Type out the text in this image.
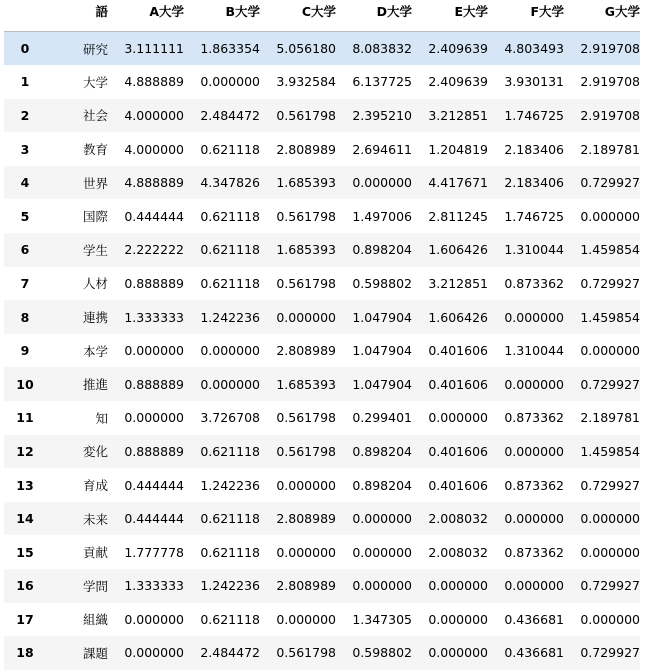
	語	A大学	B大学	C大学	D大学	E大学	F大学	G大学
0	研究	3.111111	1.863354	5.056180	8.083832	2.409639	4.803493	2.919708
1	大学	4.888889	0.000000	3.932584	6.137725	2.409639	3.930131	2.919708
2	社会	4.000000	2.484472	0.561798	2.395210	3.212851	1.746725	2.919708
3	教育	4.000000	0.621118	2.808989	2.694611	1.204819	2.183406	2.189781
4	世界	4.888889	4.347826	1.685393	0.000000	4.417671	2.183406	0.729927
5	国際	0.444444	0.621118	0.561798	1.497006	2.811245	1.746725	0.000000
6	学生	2.222222	0.621118	1.685393	0.898204	1.606426	1.310044	1.459854
7	人材	0.888889	0.621118	0.561798	0.598802	3.212851	0.873362	0.729927
8	連携	1.333333	1.242236	0.000000	1.047904	1.606426	0.000000	1.459854
9	本学	0.000000	0.000000	2.808989	1.047904	0.401606	1.310044	0.000000
10	推進	0.888889	0.000000	1.685393	1.047904	0.401606	0.000000	0.729927
11	知	0.000000	3.726708	0.561798	0.299401	0.000000	0.873362	2.189781
12	変化	0.888889	0.621118	0.561798	0.898204	0.401606	0.000000	1.459854
13	育成	0.444444	1.242236	0.000000	0.898204	0.401606	0.873362	0.729927
14	未来	0.444444	0.621118	2.808989	0.000000	2.008032	0.000000	0.000000
15	貢献	1.777778	0.621118	0.000000	0.000000	2.008032	0.873362	0.000000
16	学問	1.333333	1.242236	2.808989	0.000000	0.000000	0.000000	0.729927
17	組織	0.000000	0.621118	0.000000	1.347305	0.000000	0.436681	0.000000
18	課題	0.000000	2.484472	0.561798	0.598802	0.000000	0.436681	0.729927
